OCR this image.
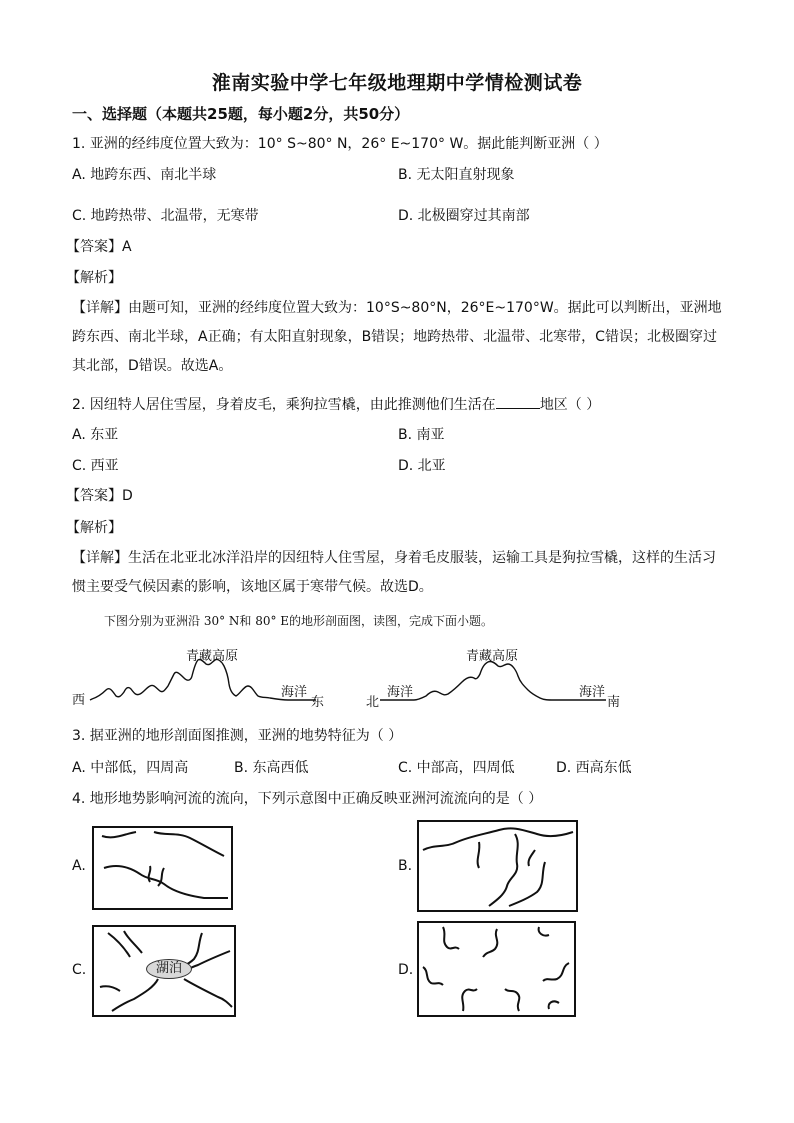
淮南实验中学七年级地理期中学情检测试卷
一、选择题（本题共25题，每小题2分，共50分）
1. 亚洲的经纬度位置大致为：10° S~80° N，26° E~170° W。据此能判断亚洲（ ）
A. 地跨东西、南北半球	B. 无太阳直射现象
C. 地跨热带、北温带，无寒带	D. 北极圈穿过其南部
【答案】A
【解析】
【详解】由题可知，亚洲的经纬度位置大致为：10°S~80°N，26°E~170°W。据此可以判断出，亚洲地跨东西、南北半球，A正确；有太阳直射现象，B错误；地跨热带、北温带、北寒带，C错误；北极圈穿过其北部，D错误。故选A。
2. 因纽特人居住雪屋，身着皮毛，乘狗拉雪橇，由此推测他们生活在	地区（ ）
A. 东亚	B. 南亚
C. 西亚	D. 北亚
【答案】D
【解析】
【详解】生活在北亚北冰洋沿岸的因纽特人住雪屋，身着毛皮服装，运输工具是狗拉雪橇，这样的生活习惯主要受气候因素的影响，该地区属于寒带气候。故选D。
下图分别为亚洲沿 30° N和 80° E的地形剖面图，读图，完成下面小题。
青藏高原
西
海洋
东
青藏高原
北
海洋	海洋
南
3. 据亚洲的地形剖面图推测，亚洲的地势特征为（ ）
A. 中部低，四周高	B. 东高西低	C. 中部高，四周低	D. 西高东低
4. 地形地势影响河流的流向，下列示意图中正确反映亚洲河流流向的是（ ）
A.	B.
C.	湖泊	D.
